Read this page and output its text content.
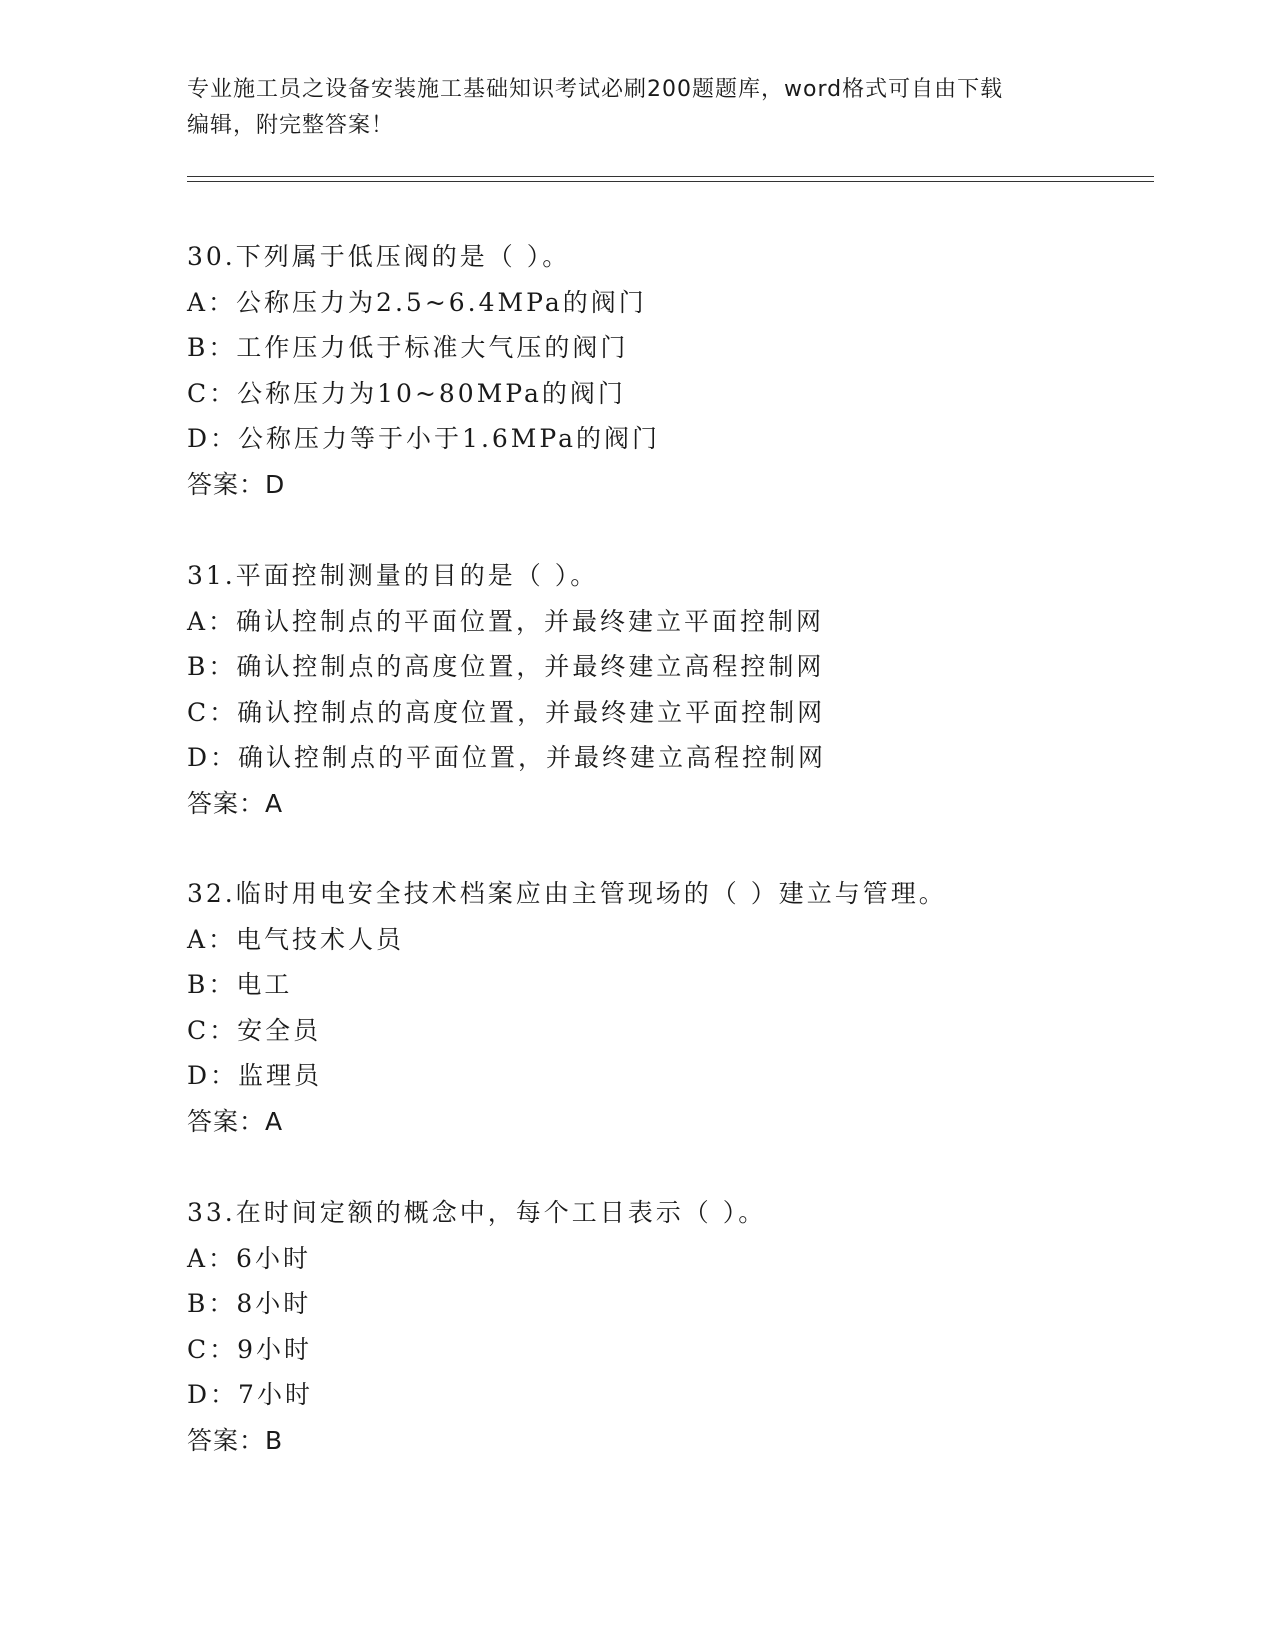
专业施工员之设备安装施工基础知识考试必刷200题题库，word格式可自由下载
编辑，附完整答案！
30.下列属于低压阀的是（ ）。
A：公称压力为2.5~6.4MPa的阀门
B：工作压力低于标准大气压的阀门
C：公称压力为10~80MPa的阀门
D：公称压力等于小于1.6MPa的阀门
答案：D
31.平面控制测量的目的是（ ）。
A：确认控制点的平面位置，并最终建立平面控制网
B：确认控制点的高度位置，并最终建立高程控制网
C：确认控制点的高度位置，并最终建立平面控制网
D：确认控制点的平面位置，并最终建立高程控制网
答案：A
32.临时用电安全技术档案应由主管现场的（ ）建立与管理。
A：电气技术人员
B：电工
C：安全员
D：监理员
答案：A
33.在时间定额的概念中，每个工日表示（ ）。
A：6小时
B：8小时
C：9小时
D：7小时
答案：B
